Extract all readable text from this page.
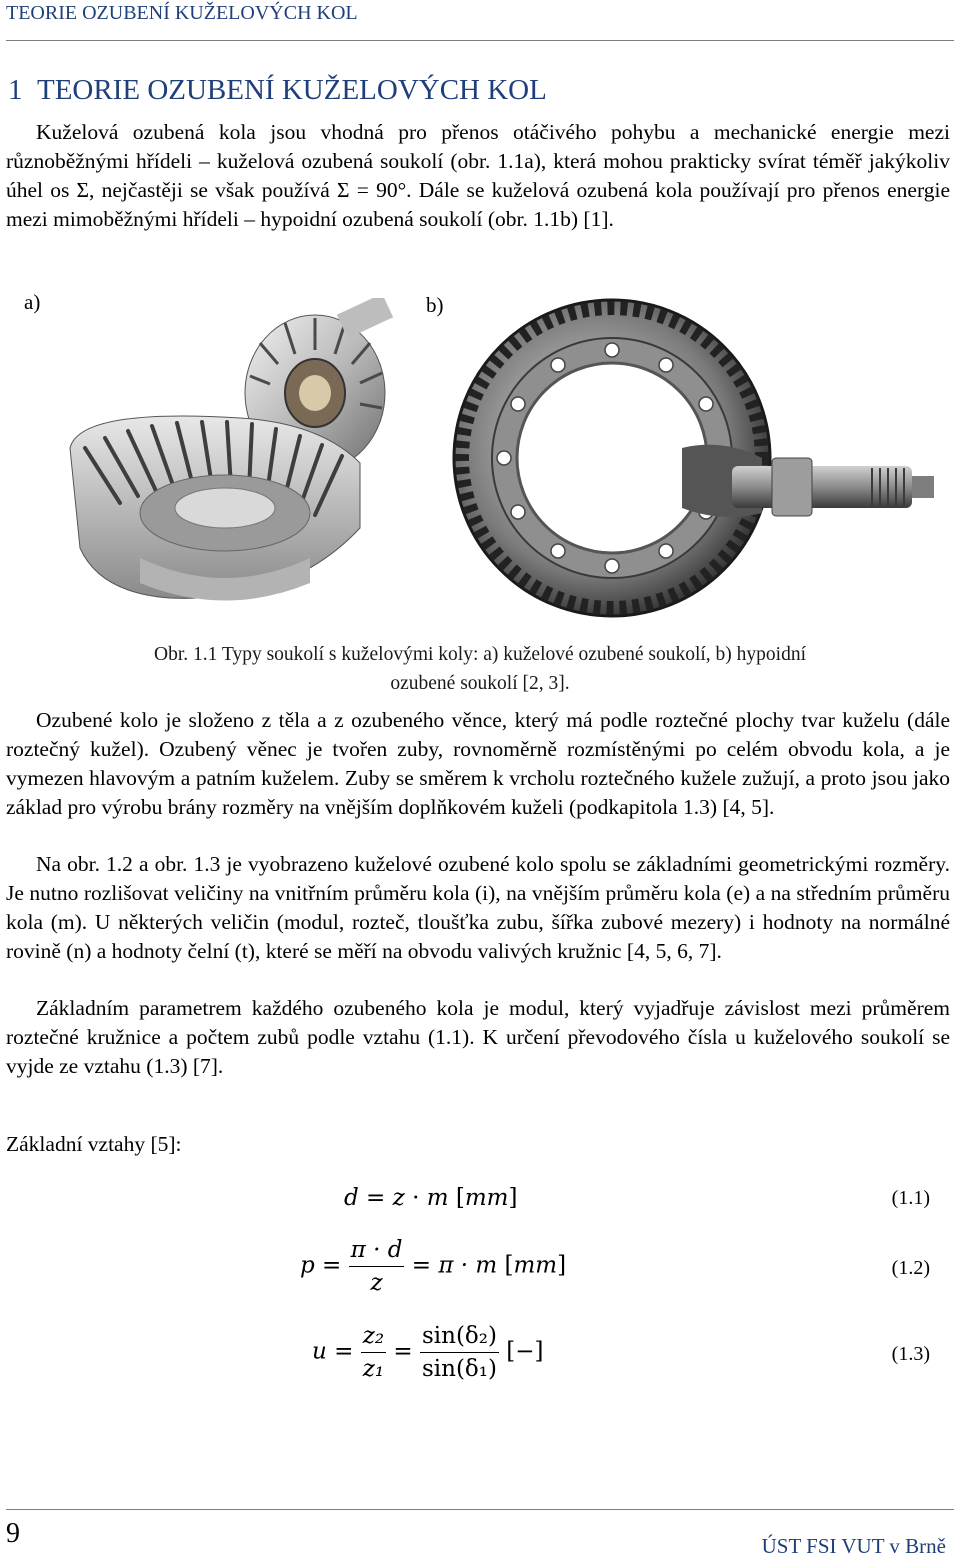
TEORIE OZUBENÍ KUŽELOVÝCH KOL
1 TEORIE OZUBENÍ KUŽELOVÝCH KOL

Kuželová ozubená kola jsou vhodná pro přenos otáčivého pohybu a mechanické energie mezi různoběžnými hřídeli – kuželová ozubená soukolí (obr. 1.1a), která mohou prakticky svírat téměř jakýkoliv úhel os Σ, nejčastěji se však používá Σ = 90°. Dále se kuželová ozubená kola používají pro přenos energie mezi mimoběžnými hřídeli – hypoidní ozubená soukolí (obr. 1.1b) [1].

a)	b)
Obr. 1.1 Typy soukolí s kuželovými koly: a) kuželové ozubené soukolí, b) hypoidní
ozubené soukolí [2, 3].

Ozubené kolo je složeno z těla a z ozubeného věnce, který má podle roztečné plochy tvar kuželu (dále roztečný kužel). Ozubený věnec je tvořen zuby, rovnoměrně rozmístěnými po celém obvodu kola, a je vymezen hlavovým a patním kuželem. Zuby se směrem k vrcholu roztečného kužele zužují, a proto jsou jako základ pro výrobu brány rozměry na vnějším doplňkovém kuželi (podkapitola 1.3) [4, 5].

Na obr. 1.2 a obr. 1.3 je vyobrazeno kuželové ozubené kolo spolu se základními geometrickými rozměry. Je nutno rozlišovat veličiny na vnitřním průměru kola (i), na vnějším průměru kola (e) a na středním průměru kola (m). U některých veličin (modul, rozteč, tloušťka zubu, šířka zubové mezery) i hodnoty na normálné rovině (n) a hodnoty čelní (t), které se měří na obvodu valivých kružnic [4, 5, 6, 7].

Základním parametrem každého ozubeného kola je modul, který vyjadřuje závislost mezi průměrem roztečné kružnice a počtem zubů podle vztahu (1.1). K určení převodového čísla u kuželového soukolí se vyjde ze vztahu (1.3) [7].

Základní vztahy [5]:
d = z · m [mm]	(1.1)
$p = \frac{\pi \cdot d}{z} = \pi \cdot m$ [mm]	(1.2)
$u = \frac{\text{z₂}}{\text{z₁}} = \frac{\text{sin(δ₂)}}{\text{sin(δ₁)}}$ [−]	(1.3)
9	ÚST FSI VUT v Brně
